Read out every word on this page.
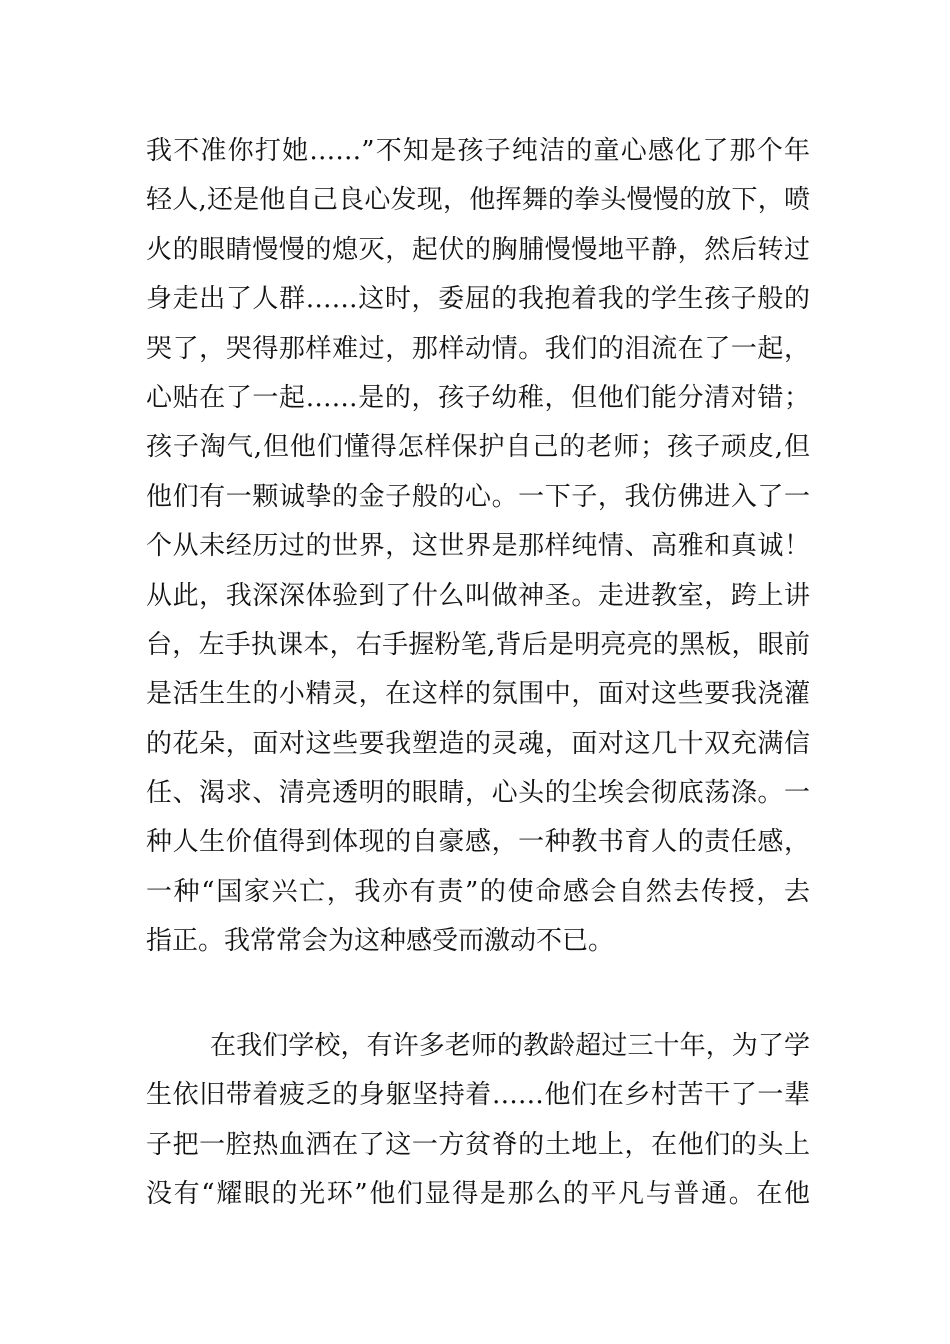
我不准你打她……”不知是孩子纯洁的童心感化了那个年
轻人,还是他自己良心发现，他挥舞的拳头慢慢的放下，喷
火的眼睛慢慢的熄灭，起伏的胸脯慢慢地平静，然后转过
身走出了人群……这时，委屈的我抱着我的学生孩子般的
哭了，哭得那样难过，那样动情。我们的泪流在了一起，
心贴在了一起……是的，孩子幼稚，但他们能分清对错；
孩子淘气,但他们懂得怎样保护自己的老师；孩子顽皮,但
他们有一颗诚挚的金子般的心。一下子，我仿佛进入了一
个从未经历过的世界，这世界是那样纯情、高雅和真诚！
从此，我深深体验到了什么叫做神圣。走进教室，跨上讲
台，左手执课本，右手握粉笔,背后是明亮亮的黑板，眼前
是活生生的小精灵，在这样的氛围中，面对这些要我浇灌
的花朵，面对这些要我塑造的灵魂，面对这几十双充满信
任、渴求、清亮透明的眼睛，心头的尘埃会彻底荡涤。一
种人生价值得到体现的自豪感，一种教书育人的责任感，
一种“国家兴亡，我亦有责”的使命感会自然去传授，去
指正。我常常会为这种感受而激动不已。
在我们学校，有许多老师的教龄超过三十年，为了学
生依旧带着疲乏的身躯坚持着……他们在乡村苦干了一辈
子把一腔热血洒在了这一方贫脊的土地上，在他们的头上
没有“耀眼的光环”他们显得是那么的平凡与普通。在他
